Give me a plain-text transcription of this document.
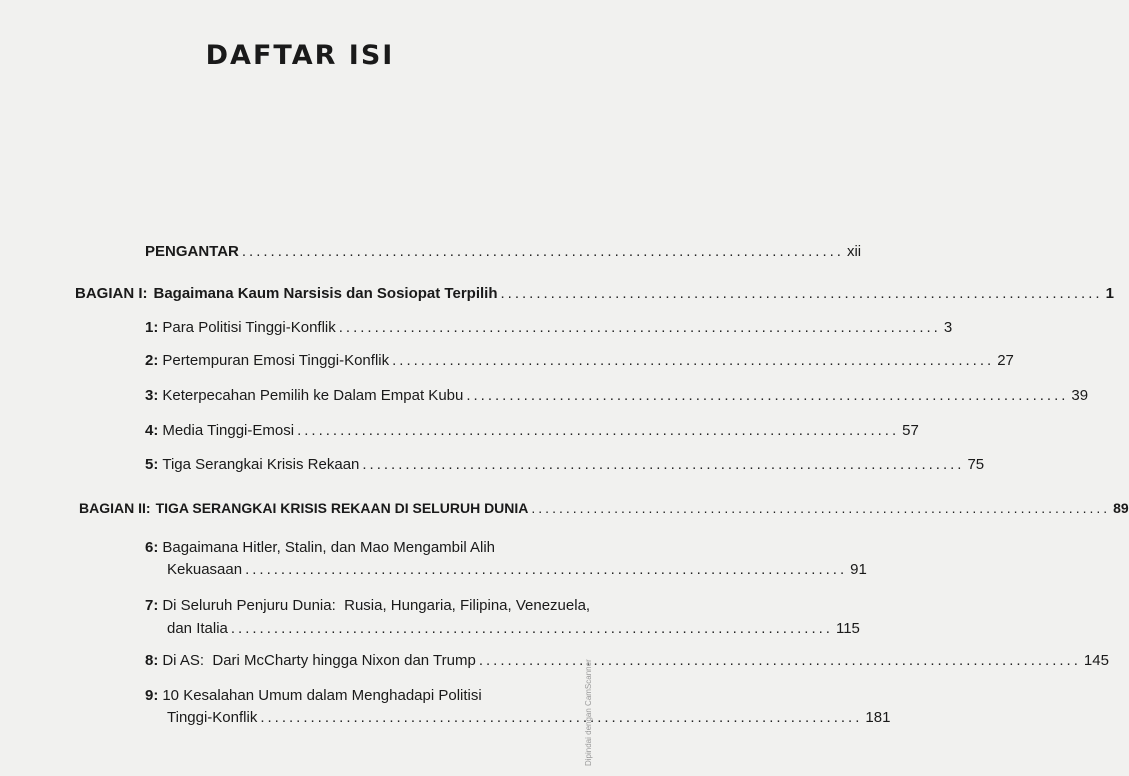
DAFTAR ISI
PENGANTAR .................................................................................... xii
BAGIAN I: Bagaimana Kaum Narsisis dan Sosiopat Terpilih .................................................................................... 1
1: Para Politisi Tinggi-Konflik .................................................................................... 3
2: Pertempuran Emosi Tinggi-Konflik .................................................................................... 27
3: Keterpecahan Pemilih ke Dalam Empat Kubu .................................................................................... 39
4: Media Tinggi-Emosi .................................................................................... 57
5: Tiga Serangkai Krisis Rekaan .................................................................................... 75
BAGIAN II: TIGA SERANGKAI KRISIS REKAAN DI SELURUH DUNIA .................................................................................... 89
6: Bagaimana Hitler, Stalin, dan Mao Mengambil Alih
Kekuasaan .................................................................................... 91
7: Di Seluruh Penjuru Dunia:  Rusia, Hungaria, Filipina, Venezuela,
dan Italia .................................................................................... 115
8: Di AS:  Dari McCharty hingga Nixon dan Trump .................................................................................... 145
9: 10 Kesalahan Umum dalam Menghadapi Politisi
Tinggi-Konflik .................................................................................... 181
Dipindai dengan CamScanner
